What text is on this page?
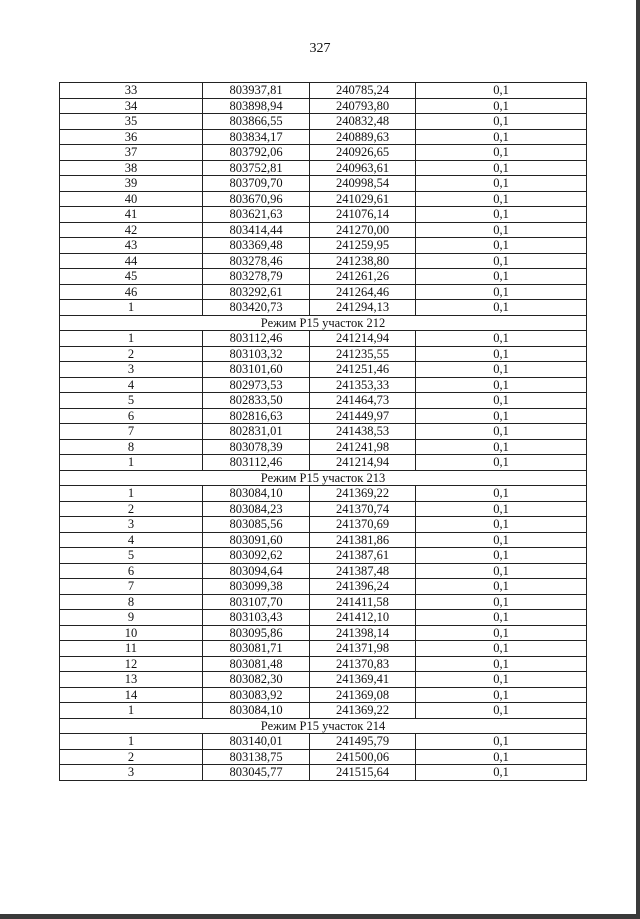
327
33	803937,81	240785,24	0,1
34	803898,94	240793,80	0,1
35	803866,55	240832,48	0,1
36	803834,17	240889,63	0,1
37	803792,06	240926,65	0,1
38	803752,81	240963,61	0,1
39	803709,70	240998,54	0,1
40	803670,96	241029,61	0,1
41	803621,63	241076,14	0,1
42	803414,44	241270,00	0,1
43	803369,48	241259,95	0,1
44	803278,46	241238,80	0,1
45	803278,79	241261,26	0,1
46	803292,61	241264,46	0,1
1	803420,73	241294,13	0,1
Режим Р15 участок 212			
1	803112,46	241214,94	0,1
2	803103,32	241235,55	0,1
3	803101,60	241251,46	0,1
4	802973,53	241353,33	0,1
5	802833,50	241464,73	0,1
6	802816,63	241449,97	0,1
7	802831,01	241438,53	0,1
8	803078,39	241241,98	0,1
1	803112,46	241214,94	0,1
Режим Р15 участок 213			
1	803084,10	241369,22	0,1
2	803084,23	241370,74	0,1
3	803085,56	241370,69	0,1
4	803091,60	241381,86	0,1
5	803092,62	241387,61	0,1
6	803094,64	241387,48	0,1
7	803099,38	241396,24	0,1
8	803107,70	241411,58	0,1
9	803103,43	241412,10	0,1
10	803095,86	241398,14	0,1
11	803081,71	241371,98	0,1
12	803081,48	241370,83	0,1
13	803082,30	241369,41	0,1
14	803083,92	241369,08	0,1
1	803084,10	241369,22	0,1
Режим Р15 участок 214			
1	803140,01	241495,79	0,1
2	803138,75	241500,06	0,1
3	803045,77	241515,64	0,1
